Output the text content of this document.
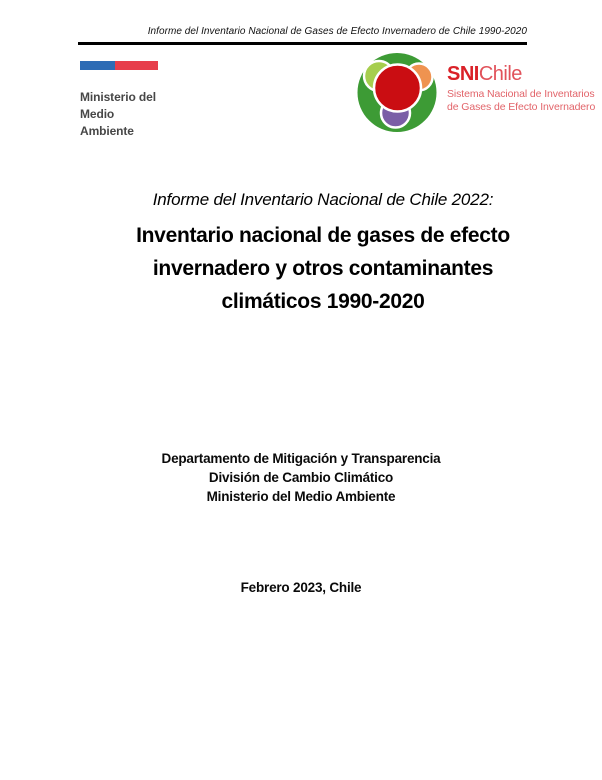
Informe del Inventario Nacional de Gases de Efecto Invernadero de Chile 1990-2020
Ministerio del
Medio
Ambiente
SNIChile
Sistema Nacional de Inventarios
de Gases de Efecto Invernadero
Informe del Inventario Nacional de Chile 2022:
Inventario nacional de gases de efecto
invernadero y otros contaminantes
climáticos 1990-2020
Departamento de Mitigación y Transparencia
División de Cambio Climático
Ministerio del Medio Ambiente
Febrero 2023, Chile
